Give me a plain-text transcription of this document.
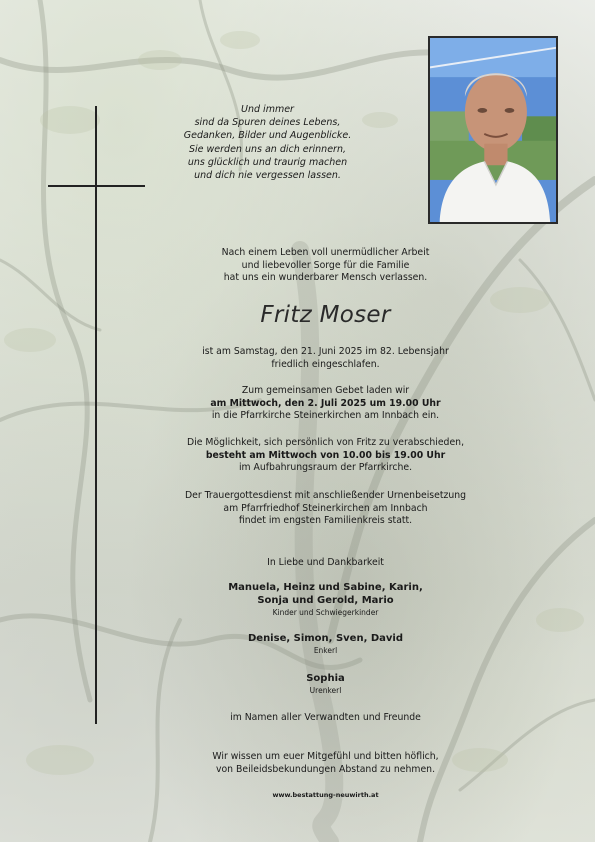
Und immer
sind da Spuren deines Lebens,
Gedanken, Bilder und Augenblicke.
Sie werden uns an dich erinnern,
uns glücklich und traurig machen
und dich nie vergessen lassen.
Nach einem Leben voll unermüdlicher Arbeit
und liebevoller Sorge für die Familie
hat uns ein wunderbarer Mensch verlassen.
Fritz Moser
ist am Samstag, den 21. Juni 2025 im 82. Lebensjahr
friedlich eingeschlafen.
Zum gemeinsamen Gebet laden wir
am Mittwoch, den 2. Juli 2025 um 19.00 Uhr
in die Pfarrkirche Steinerkirchen am Innbach ein.
Die Möglichkeit, sich persönlich von Fritz zu verabschieden,
besteht am Mittwoch von 10.00 bis 19.00 Uhr
im Aufbahrungsraum der Pfarrkirche.
Der Trauergottesdienst mit anschließender Urnenbeisetzung
am Pfarrfriedhof Steinerkirchen am Innbach
findet im engsten Familienkreis statt.
In Liebe und Dankbarkeit
Manuela, Heinz und Sabine, Karin,
Sonja und Gerold, Mario
Kinder und Schwiegerkinder
Denise, Simon, Sven, David
Enkerl
Sophia
Urenkerl
im Namen aller Verwandten und Freunde
Wir wissen um euer Mitgefühl und bitten höflich,
von Beileidsbekundungen Abstand zu nehmen.
www.bestattung-neuwirth.at
